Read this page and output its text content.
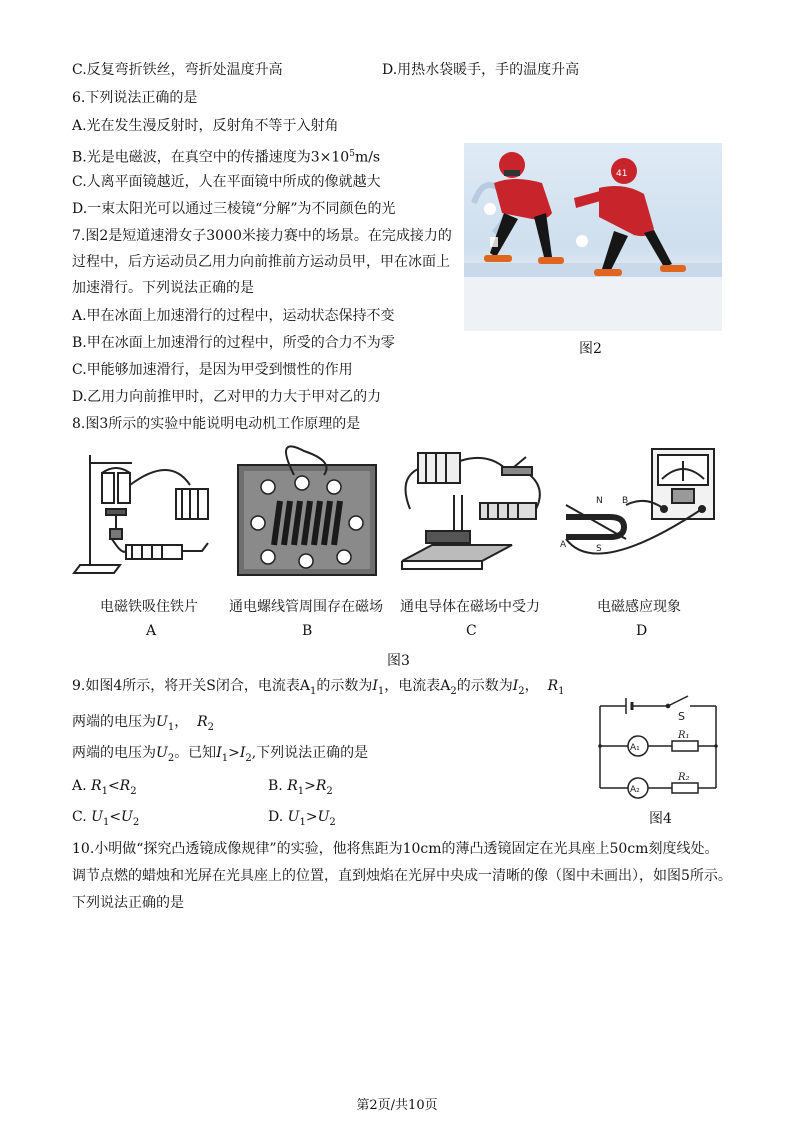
C.反复弯折铁丝，弯折处温度升高	D.用热水袋暖手，手的温度升高
6.下列说法正确的是
A.光在发生漫反射时，反射角不等于入射角
B.光是电磁波，在真空中的传播速度为$3\times 10^5m/s$
C.人离平面镜越近，人在平面镜中所成的像就越大
D.一束太阳光可以通过三棱镜“分解”为不同颜色的光
7.图2是短道速滑女子3000米接力赛中的场景。在完成接力的
过程中，后方运动员乙用力向前推前方运动员甲，甲在冰面上
加速滑行。下列说法正确的是
A.甲在冰面上加速滑行的过程中，运动状态保持不变
B.甲在冰面上加速滑行的过程中，所受的合力不为零
C.甲能够加速滑行，是因为甲受到惯性的作用
D.乙用力向前推甲时，乙对甲的力大于甲对乙的力
41
图2
8.图3所示的实验中能说明电动机工作原理的是
N
S
A
B
电磁铁吸住铁片
A
通电螺线管周围存在磁场
B
通电导体在磁场中受力
C
电磁感应现象
D
图3
9.如图4所示，将开关S闭合，电流表$A_1$的示数为$I_1$，电流表$A_2$的示数为$I_2$， $R_1$
两端的电压为$U_1$， $R_2$
两端的电压为$U_2$。已知$I_1>I_2$,下列说法正确的是
A. $R_1<R_2$	B. $R_1>R_2$
C. $U_1<U_2$	D. $U_1>U_2$
S
A₁
A₂
R₁
R₂
图4
10.小明做“探究凸透镜成像规律”的实验，他将焦距为10cm的薄凸透镜固定在光具座上50cm刻度线处。
调节点燃的蜡烛和光屏在光具座上的位置，直到烛焰在光屏中央成一清晰的像（图中未画出），如图5所示。
下列说法正确的是
第2页/共10页
